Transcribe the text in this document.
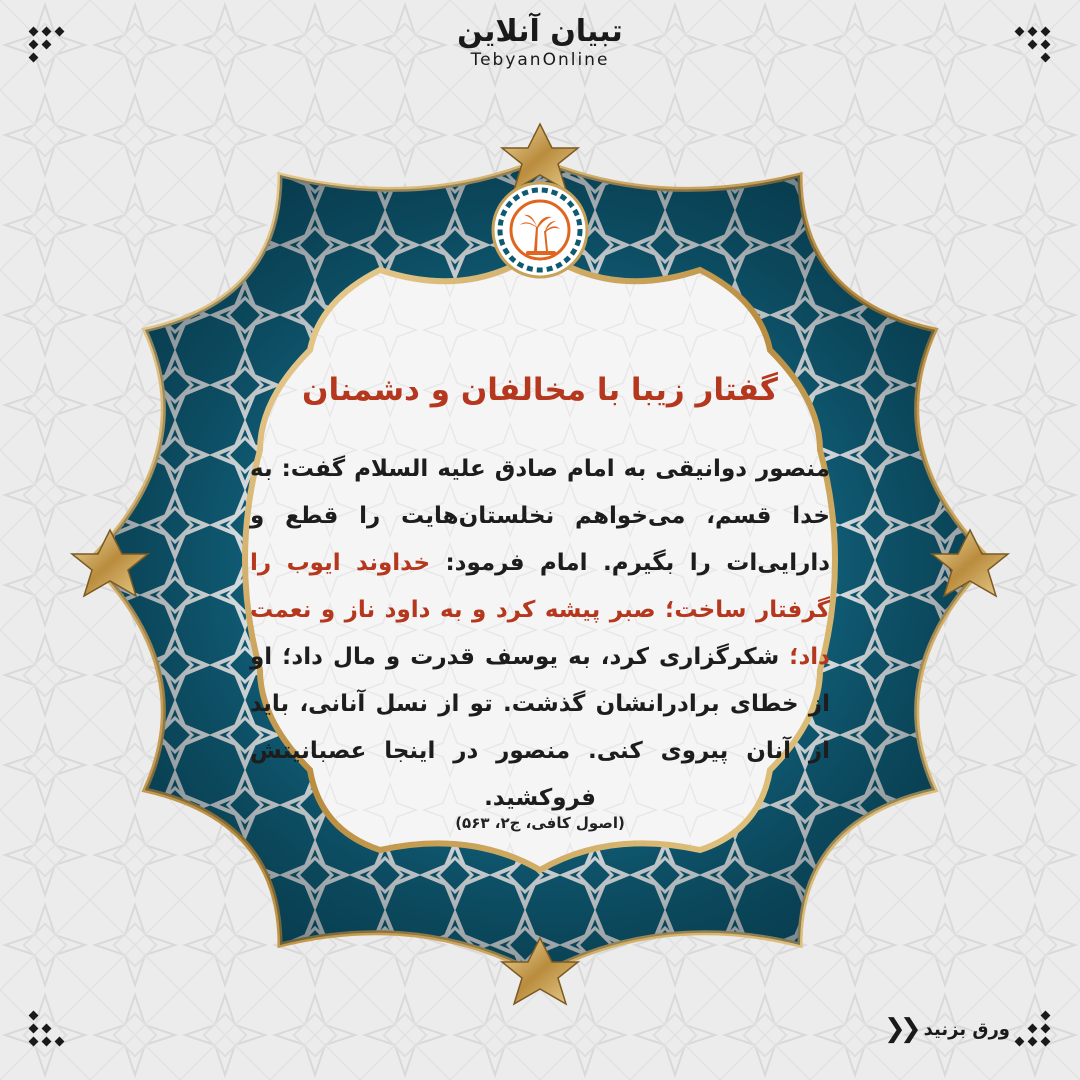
تبیان آنلاین
TebyanOnline
گفتار زیبا با مخالفان و دشمنان
منصور دوانیقی به امام صادق علیه السلام گفت: به خدا قسم، می‌خواهم نخلستان‌هایت را قطع و دارایی‌ات را بگیرم. امام فرمود: خداوند ایوب را گرفتار ساخت؛ صبر پیشه کرد و به داود ناز و نعمت داد؛ شکرگزاری کرد، به یوسف قدرت و مال داد؛ او از خطای برادرانشان گذشت. تو از نسل آنانی، باید از آنان پیروی کنی. منصور در اینجا عصبانیتش فروکشید.
(اصول کافی، ج۲، ۵۶۳)
ورق بزنید
❮❮
